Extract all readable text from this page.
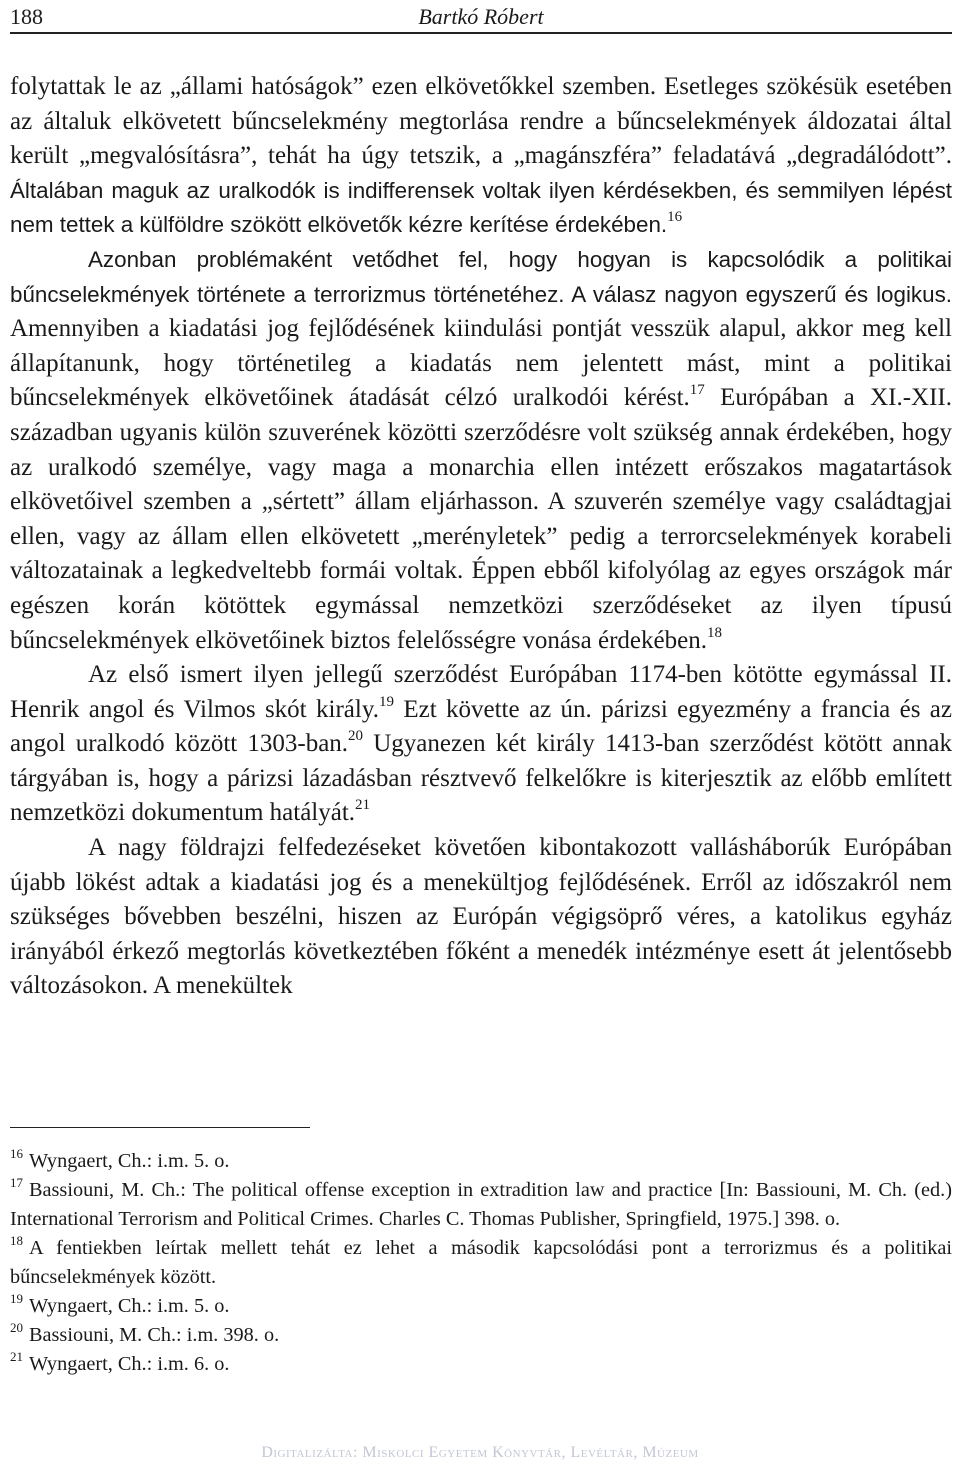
188	Bartkó Róbert

folytattak le az „állami hatóságok” ezen elkövetőkkel szemben. Esetleges szökésük esetében az általuk elkövetett bűncselekmény megtorlása rendre a bűncselekmények áldozatai által került „megvalósításra”, tehát ha úgy tetszik, a „magánszféra” feladatává „degradálódott”. Általában maguk az uralkodók is indifferensek voltak ilyen kérdésekben, és semmilyen lépést nem tettek a külföldre szökött elkövetők kézre kerítése érdekében.$^{16}$

Azonban problémaként vetődhet fel, hogy hogyan is kapcsolódik a politikai bűncselekmények története a terrorizmus történetéhez. A válasz nagyon egyszerű és logikus. Amennyiben a kiadatási jog fejlődésének kiindulási pontját vesszük alapul, akkor meg kell állapítanunk, hogy történetileg a kiadatás nem jelentett mást, mint a politikai bűncselekmények elkövetőinek átadását célzó uralkodói kérést.$^{17}$ Európában a XI.-XII. században ugyanis külön szuverének közötti szerződésre volt szükség annak érdekében, hogy az uralkodó személye, vagy maga a monarchia ellen intézett erőszakos magatartások elkövetőivel szemben a „sértett” állam eljárhasson. A szuverén személye vagy családtagjai ellen, vagy az állam ellen elkövetett „merényletek” pedig a terrorcselekmények korabeli változatainak a legkedveltebb formái voltak. Éppen ebből kifolyólag az egyes országok már egészen korán kötöttek egymással nemzetközi szerződéseket az ilyen típusú bűncselekmények elkövetőinek biztos felelősségre vonása érdekében.$^{18}$

Az első ismert ilyen jellegű szerződést Európában 1174-ben kötötte egymással II. Henrik angol és Vilmos skót király.$^{19}$ Ezt követte az ún. párizsi egyezmény a francia és az angol uralkodó között 1303-ban.$^{20}$ Ugyanezen két király 1413-ban szerződést kötött annak tárgyában is, hogy a párizsi lázadásban résztvevő felkelőkre is kiterjesztik az előbb említett nemzetközi dokumentum hatályát.$^{21}$

A nagy földrajzi felfedezéseket követően kibontakozott vallásháborúk Európában újabb lökést adtak a kiadatási jog és a menekültjog fejlődésének. Erről az időszakról nem szükséges bővebben beszélni, hiszen az Európán végigsöprő véres, a katolikus egyház irányából érkező megtorlás következtében főként a menedék intézménye esett át jelentősebb változásokon. A menekültek

$^{16}$ Wyngaert, Ch.: i.m. 5. o.

$^{17}$ Bassiouni, M. Ch.: The political offense exception in extradition law and practice [In: Bassiouni, M. Ch. (ed.) International Terrorism and Political Crimes. Charles C. Thomas Publisher, Springfield, 1975.] 398. o.

$^{18}$ A fentiekben leírtak mellett tehát ez lehet a második kapcsolódási pont a terrorizmus és a politikai bűncselekmények között.

$^{19}$ Wyngaert, Ch.: i.m. 5. o.

$^{20}$ Bassiouni, M. Ch.: i.m. 398. o.

$^{21}$ Wyngaert, Ch.: i.m. 6. o.

Digitalizálta: Miskolci Egyetem Könyvtár, Levéltár, Múzeum
